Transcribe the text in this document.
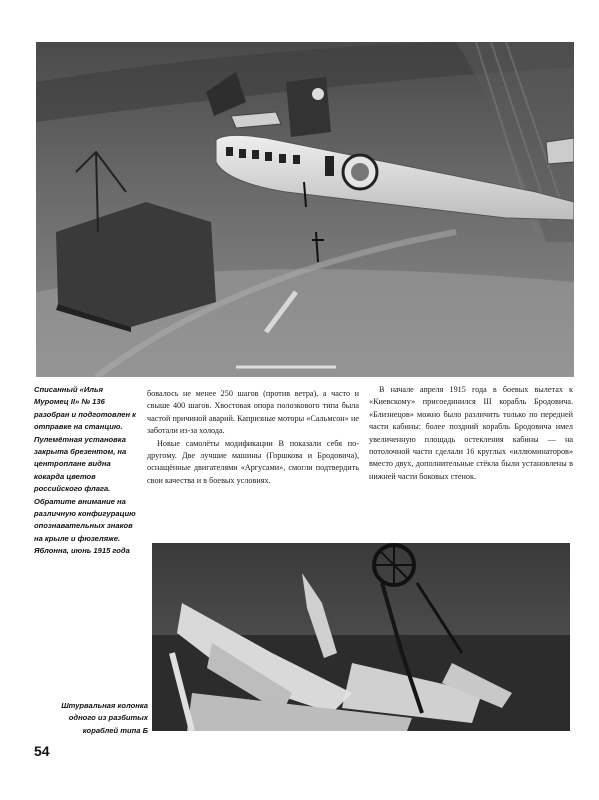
Списанный «Илья Муромец II» № 136 разобран и подготовлен к отправке на станцию. Пулемётная установка закрыта брезентом, на центроплане видна кокарда цветов российского флага. Обратите внимание на различную конфигурацию опознавательных знаков на крыле и фюзеляже. Яблонна, июнь 1915 года

бовалось не менее 250 шагов (против ветра), а часто и свыше 400 шагов. Хвостовая опора полозкового типа была частой причиной аварий. Капризные моторы «Сальмсон» не заботали из-за холода.

Новые самолёты модификации В показали себя по-другому. Две лучшие машины (Горшкова и Бродовича), оснащённые двигателями «Аргусами», смогли подтвердить свои качества и в боевых условиях.

В начале апреля 1915 года в боевых вылетах к «Киевскому» присоединился III корабль Бродовича. «Близнецов» можно было различить только по передней части кабины: более поздний корабль Бродовича имел увеличенную площадь остекления кабины — на потолочной части сделали 16 круглых «иллюминаторов» вместо двух, дополнительные стёкла были установлены в нижней части боковых стенок.

Штурвальная колонка одного из разбитых кораблей типа Б
54
